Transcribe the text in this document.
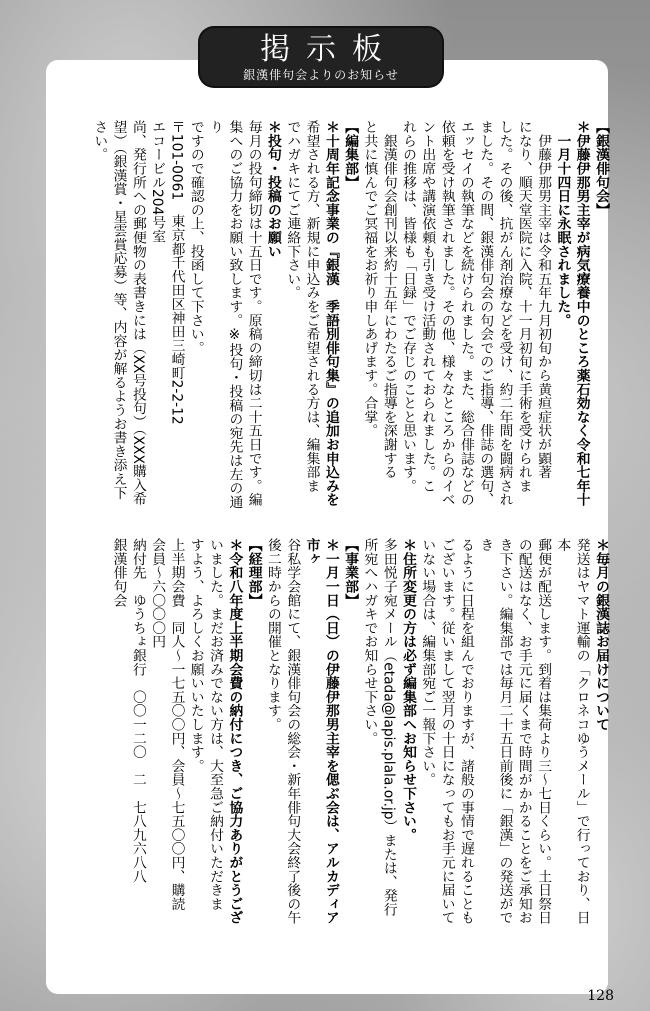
掲示板
銀漢俳句会よりのお知らせ

【銀漢俳句会】

＊伊藤伊那男主宰が病気療養中のところ薬石効なく令和七年十

　一月十四日に永眠されました。

　伊藤伊那男主宰は令和五年九月初旬から黄疸症状が顕著

になり、順天堂医院に入院、十一月初旬に手術を受けられま

した。その後、抗がん剤治療などを受け、約二年間を闘病され

ました。その間、銀漢俳句会の句会でのご指導、俳誌の選句、

エッセイの執筆などを続けられました。また、総合俳誌などの

依頼を受け執筆されました。その他、様々なところからのイベ

ント出席や講演依頼も引き受け活動されておられました。こ

れらの推移は、皆様も「日録」でご存じのことと思います。

　銀漢俳句会創刊以来約十五年にわたるご指導を深謝する

と共に慎んでご冥福をお祈り申しあげます。合掌。

【編集部】

＊十周年記念事業の『銀漢　季語別俳句集』の追加お申込みを

希望される方、新規に申込みをご希望される方は、編集部ま

でハガキにてご連絡下さい。

＊投句・投稿のお願い

毎月の投句締切は十五日です。原稿の締切は二十五日です。編

集へのご協力をお願い致します。※投句・投稿の宛先は左の通り

ですので確認の上、投函して下さい。

〒101-0061　東京都千代田区神田三崎町2-2-12

エコービル204号室

尚、発行所への郵便物の表書きには（XX号投句）（XXX購入希

望）（銀漢賞・星雲賞応募）等、内容が解るようお書き添え下さい。

＊毎月の銀漢誌お届けについて

発送はヤマト運輸の「クロネコゆうメール」で行っており、日本

郵便が配送します。到着は集荷より三〜七日くらい。土日祭日

の配送はなく、お手元に届くまで時間がかかることをご承知お

き下さい。編集部では毎月二十五日前後に「銀漢」の発送ができ

るように日程を組んでおりますが、諸般の事情で遅れることも

ございます。従いまして翌月の十日になってもお手元に届いて

いない場合は、編集部宛ご一報下さい。

＊住所変更の方は必ず編集部へお知らせ下さい。

多田悦子宛メール（etada@lapis.plala.or.jp）または、発行

所宛へハガキでお知らせ下さい。

【事業部】

＊一月一日（日）の伊藤伊那男主宰を偲ぶ会は、アルカディア市ヶ

谷私学会館にて、銀漢俳句会の総会・新年俳句大会終了後の午

後二時からの開催となります。

【経理部】

＊令和八年度上半期会費の納付につき、ご協力ありがとうござ

いました。まだお済みでない方は、大至急ご納付いただきま

すよう、よろしくお願いいたします。

上半期会費　同人〜一七五〇〇円、会員〜七五〇〇円、購読

会員〜六〇〇〇円

納付先　ゆうちょ銀行　〇〇一二〇　二　七八九六八八

銀漢俳句会

128
